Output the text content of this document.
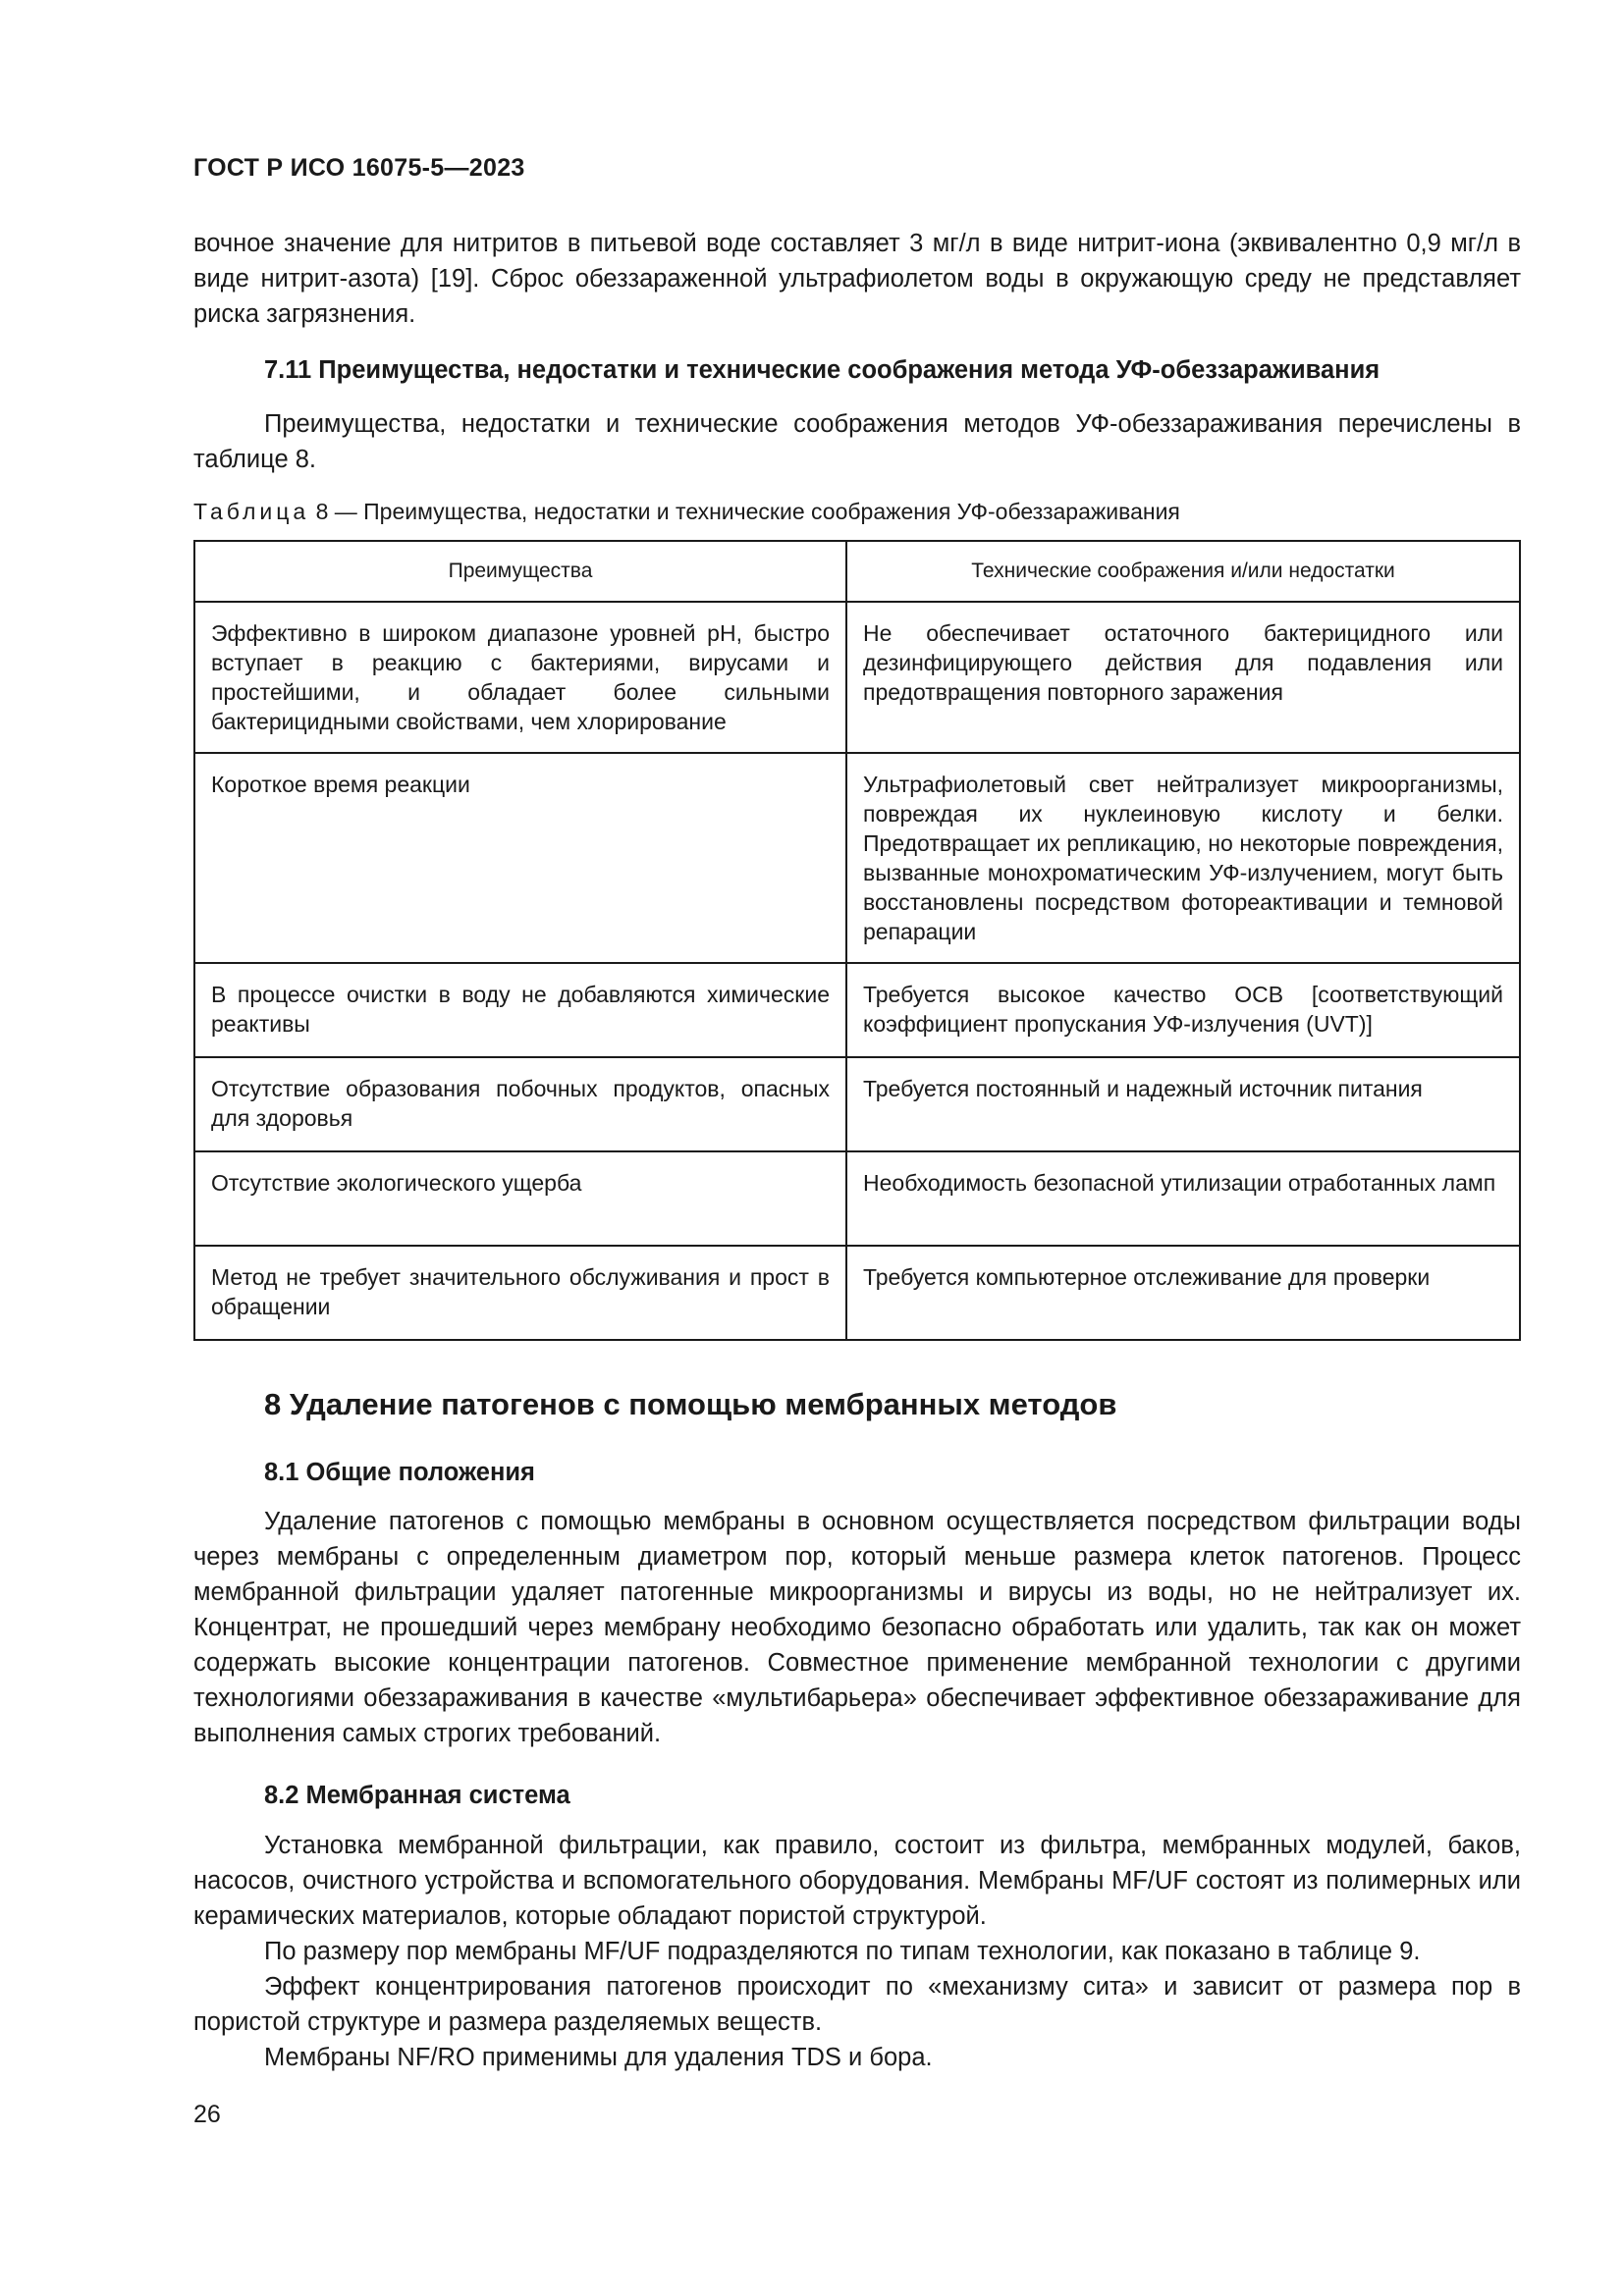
ГОСТ Р ИСО 16075-5—2023

вочное значение для нитритов в питьевой воде составляет 3 мг/л в виде нитрит-иона (эквивалентно 0,9 мг/л в виде нитрит-азота) [19]. Сброс обеззараженной ультрафиолетом воды в окружающую среду не представляет риска загрязнения.

7.11 Преимущества, недостатки и технические соображения метода УФ-обеззараживания

Преимущества, недостатки и технические соображения методов УФ-обеззараживания перечислены в таблице 8.

Таблица 8 — Преимущества, недостатки и технические соображения УФ-обеззараживания
Преимущества	Технические соображения и/или недостатки
Эффективно в широком диапазоне уровней pH, быстро вступает в реакцию с бактериями, вирусами и простейшими, и обладает более сильными бактерицидными свойствами, чем хлорирование	Не обеспечивает остаточного бактерицидного или дезинфицирующего действия для подавления или предотвращения повторного заражения
Короткое время реакции	Ультрафиолетовый свет нейтрализует микроорганизмы, повреждая их нуклеиновую кислоту и белки. Предотвращает их репликацию, но некоторые повреждения, вызванные монохроматическим УФ-излучением, могут быть восстановлены посредством фотореактивации и темновой репарации
В процессе очистки в воду не добавляются химические реактивы	Требуется высокое качество ОСВ [соответствующий коэффициент пропускания УФ-излучения (UVT)]
Отсутствие образования побочных продуктов, опасных для здоровья	Требуется постоянный и надежный источник питания
Отсутствие экологического ущерба	Необходимость безопасной утилизации отработанных ламп
Метод не требует значительного обслуживания и прост в обращении	Требуется компьютерное отслеживание для проверки
8 Удаление патогенов с помощью мембранных методов
8.1 Общие положения

Удаление патогенов с помощью мембраны в основном осуществляется посредством фильтрации воды через мембраны с определенным диаметром пор, который меньше размера клеток патогенов. Процесс мембранной фильтрации удаляет патогенные микроорганизмы и вирусы из воды, но не нейтрализует их. Концентрат, не прошедший через мембрану необходимо безопасно обработать или удалить, так как он может содержать высокие концентрации патогенов. Совместное применение мембранной технологии с другими технологиями обеззараживания в качестве «мультибарьера» обеспечивает эффективное обеззараживание для выполнения самых строгих требований.

8.2 Мембранная система

Установка мембранной фильтрации, как правило, состоит из фильтра, мембранных модулей, баков, насосов, очистного устройства и вспомогательного оборудования. Мембраны MF/UF состоят из полимерных или керамических материалов, которые обладают пористой структурой.

По размеру пор мембраны MF/UF подразделяются по типам технологии, как показано в таблице 9.

Эффект концентрирования патогенов происходит по «механизму сита» и зависит от размера пор в пористой структуре и размера разделяемых веществ.

Мембраны NF/RO применимы для удаления TDS и бора.

26
